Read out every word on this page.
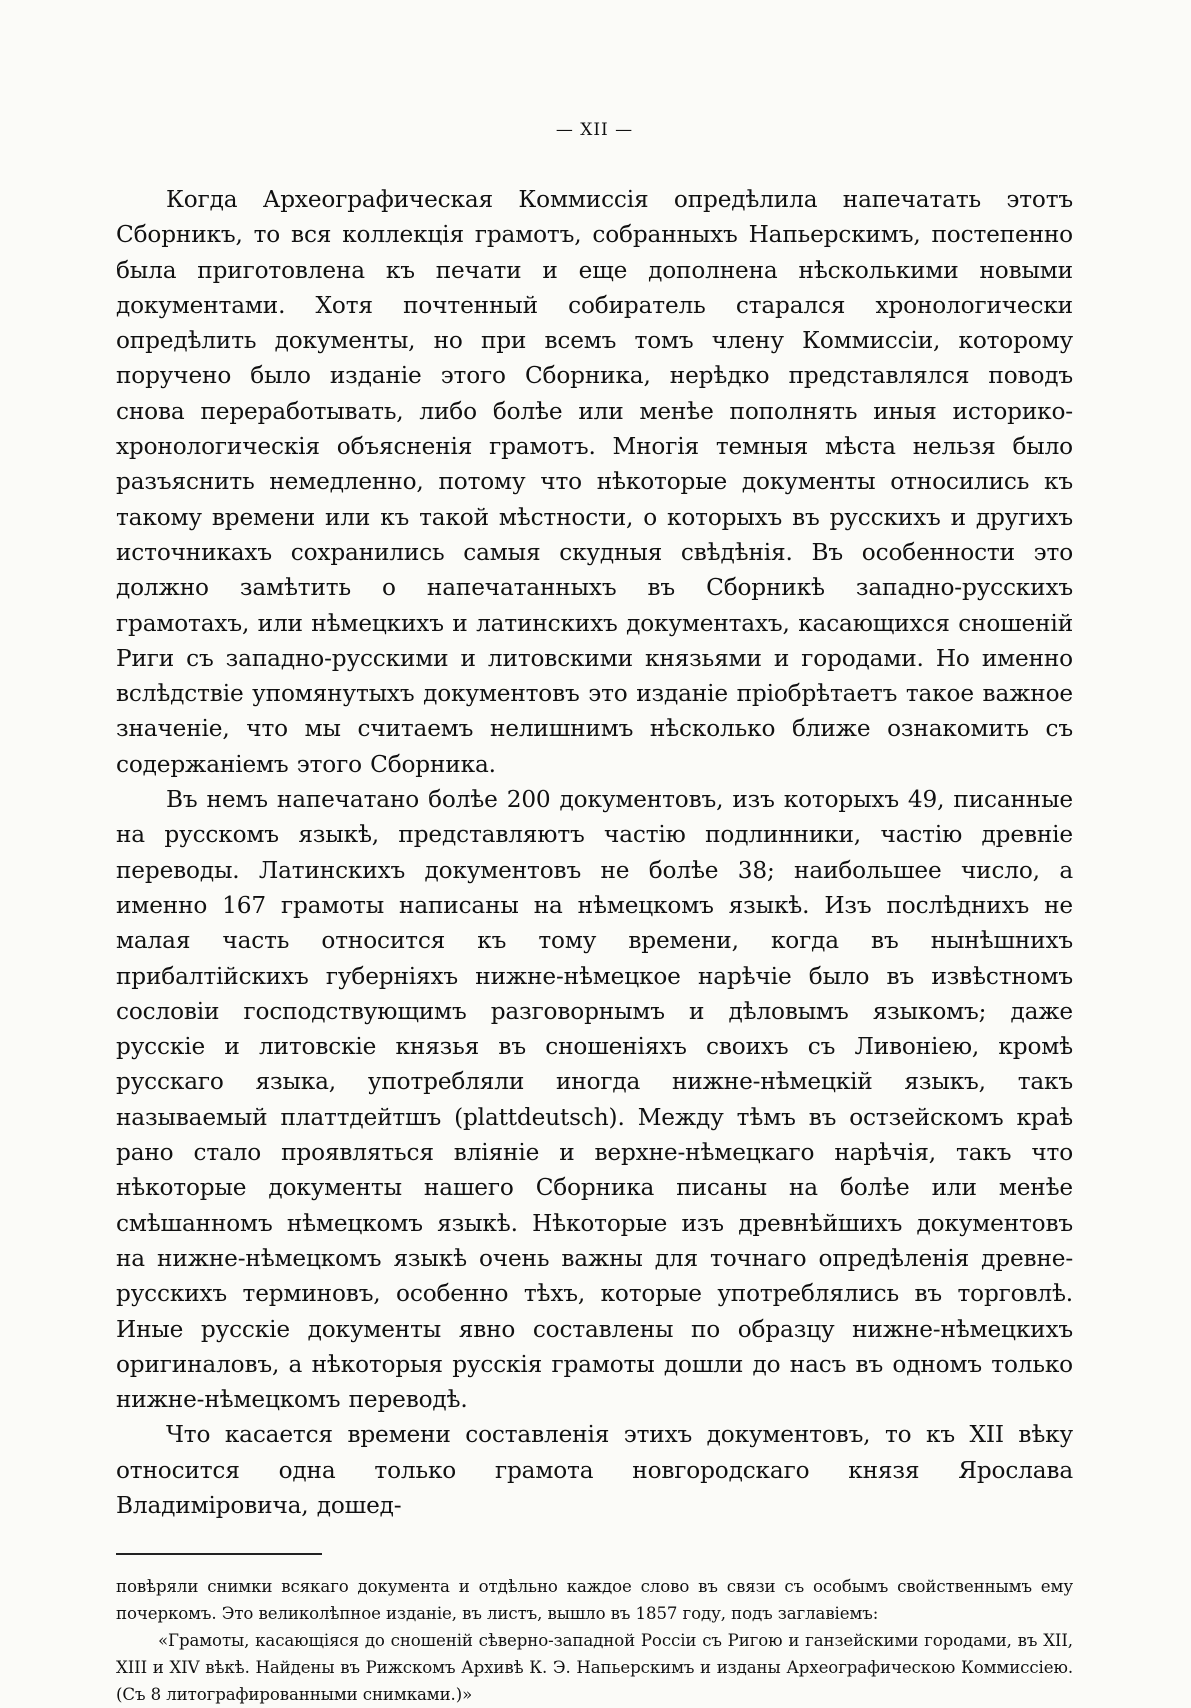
— XII —

Когда Археографическая Коммиссія опредѣлила напечатать этотъ Сборникъ, то вся коллекція грамотъ, собранныхъ Напьерскимъ, постепенно была приготовлена къ печати и еще дополнена нѣсколькими новыми документами. Хотя почтенный собиратель старался хронологически опредѣлить документы, но при всемъ томъ члену Коммиссіи, которому поручено было изданіе этого Сборника, нерѣдко представлялся поводъ снова переработывать, либо болѣе или менѣе пополнять иныя историко-хронологическія объясненія грамотъ. Многія темныя мѣста нельзя было разъяснить немедленно, потому что нѣкоторые документы относились къ такому времени или къ такой мѣстности, о которыхъ въ русскихъ и другихъ источникахъ сохранились самыя скудныя свѣдѣнія. Въ особенности это должно замѣтить о напечатанныхъ въ Сборникѣ западно-русскихъ грамотахъ, или нѣмецкихъ и латинскихъ документахъ, касающихся сношеній Риги съ западно-русскими и литовскими князьями и городами. Но именно вслѣдствіе упомянутыхъ документовъ это изданіе пріобрѣтаетъ такое важное значеніе, что мы считаемъ нелишнимъ нѣсколько ближе ознакомить съ содержаніемъ этого Сборника.

Въ немъ напечатано болѣе 200 документовъ, изъ которыхъ 49, писанные на русскомъ языкѣ, представляютъ частію подлинники, частію древніе переводы. Латинскихъ документовъ не болѣе 38; наибольшее число, а именно 167 грамоты написаны на нѣмецкомъ языкѣ. Изъ послѣднихъ не малая часть относится къ тому времени, когда въ нынѣшнихъ прибалтійскихъ губерніяхъ нижне-нѣмецкое нарѣчіе было въ извѣстномъ сословіи господствующимъ разговорнымъ и дѣловымъ языкомъ; даже русскіе и литовскіе князья въ сношеніяхъ своихъ съ Ливоніею, кромѣ русскаго языка, употребляли иногда нижне-нѣмецкій языкъ, такъ называемый платтдейтшъ (plattdeutsch). Между тѣмъ въ остзейскомъ краѣ рано стало проявляться вліяніе и верхне-нѣмецкаго нарѣчія, такъ что нѣкоторые документы нашего Сборника писаны на болѣе или менѣе смѣшанномъ нѣмецкомъ языкѣ. Нѣкоторые изъ древнѣйшихъ документовъ на нижне-нѣмецкомъ языкѣ очень важны для точнаго опредѣленія древне-русскихъ терминовъ, особенно тѣхъ, которые употреблялись въ торговлѣ. Иные русскіе документы явно составлены по образцу нижне-нѣмецкихъ оригиналовъ, а нѣкоторыя русскія грамоты дошли до насъ въ одномъ только нижне-нѣмецкомъ переводѣ.

Что касается времени составленія этихъ документовъ, то къ XII вѣку относится одна только грамота новгородскаго князя Ярослава Владиміровича, дошед-

повѣряли снимки всякаго документа и отдѣльно каждое слово въ связи съ особымъ свойственнымъ ему почеркомъ. Это великолѣпное изданіе, въ листъ, вышло въ 1857 году, подъ заглавіемъ:

«Грамоты, касающіяся до сношеній сѣверно-западной Россіи съ Ригою и ганзейскими городами, въ XII, XIII и XIV вѣкѣ. Найдены въ Рижскомъ Архивѣ К. Э. Напьерскимъ и изданы Археографическою Коммиссіею. (Съ 8 литографированными снимками.)»
